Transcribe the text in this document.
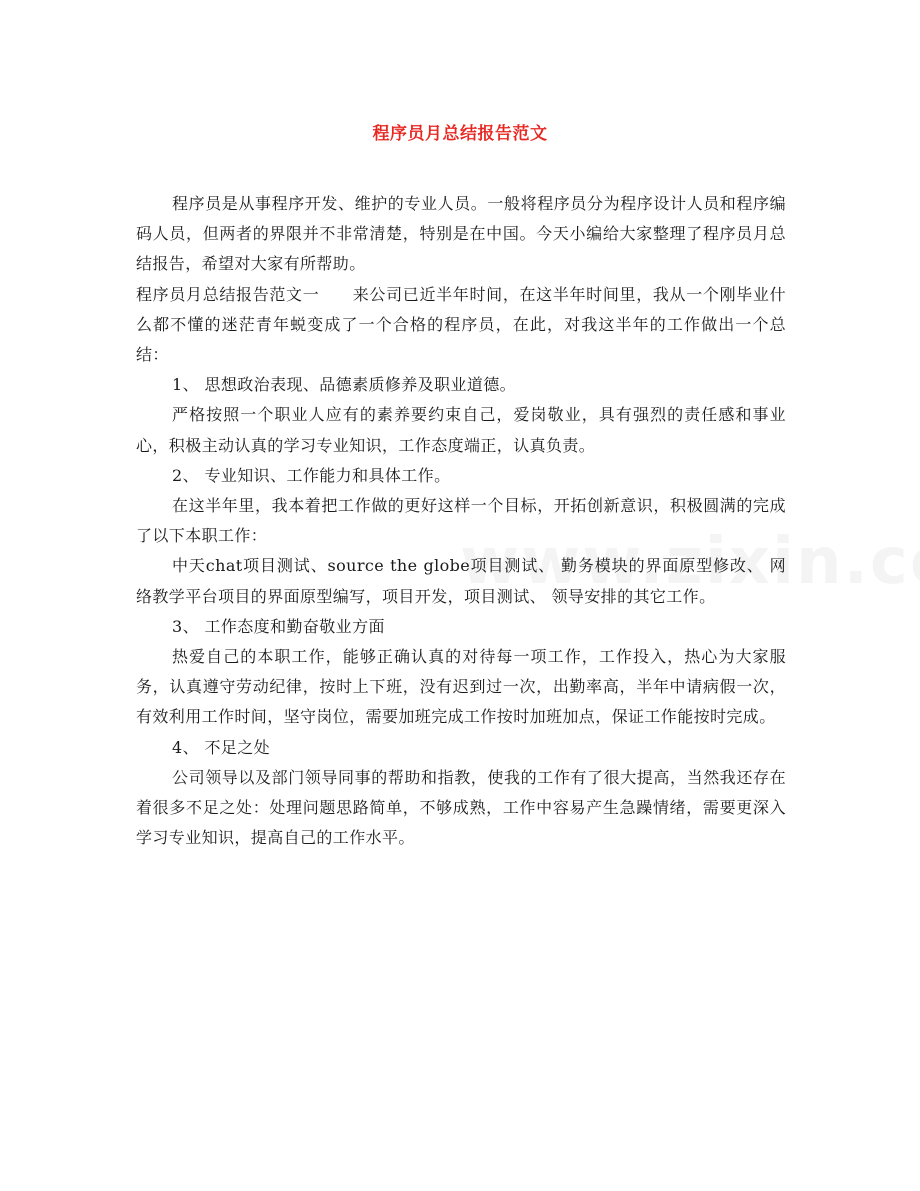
程序员月总结报告范文

程序员是从事程序开发、维护的专业人员。一般将程序员分为程序设计人员和程序编码人员，但两者的界限并不非常清楚，特别是在中国。今天小编给大家整理了程序员月总结报告，希望对大家有所帮助。

程序员月总结报告范文一　　来公司已近半年时间，在这半年时间里，我从一个刚毕业什么都不懂的迷茫青年蜕变成了一个合格的程序员，在此，对我这半年的工作做出一个总结：

1、 思想政治表现、品德素质修养及职业道德。

严格按照一个职业人应有的素养要约束自己，爱岗敬业，具有强烈的责任感和事业心，积极主动认真的学习专业知识，工作态度端正，认真负责。

2、 专业知识、工作能力和具体工作。

在这半年里，我本着把工作做的更好这样一个目标，开拓创新意识，积极圆满的完成了以下本职工作：

中天chat项目测试、source the globe项目测试、 勤务模块的界面原型修改、 网络教学平台项目的界面原型编写，项目开发，项目测试、 领导安排的其它工作。

3、 工作态度和勤奋敬业方面

热爱自己的本职工作，能够正确认真的对待每一项工作，工作投入，热心为大家服务，认真遵守劳动纪律，按时上下班，没有迟到过一次，出勤率高，半年中请病假一次，有效利用工作时间，坚守岗位，需要加班完成工作按时加班加点，保证工作能按时完成。

4、 不足之处

公司领导以及部门领导同事的帮助和指教，使我的工作有了很大提高，当然我还存在着很多不足之处：处理问题思路简单，不够成熟，工作中容易产生急躁情绪，需要更深入学习专业知识，提高自己的工作水平。
